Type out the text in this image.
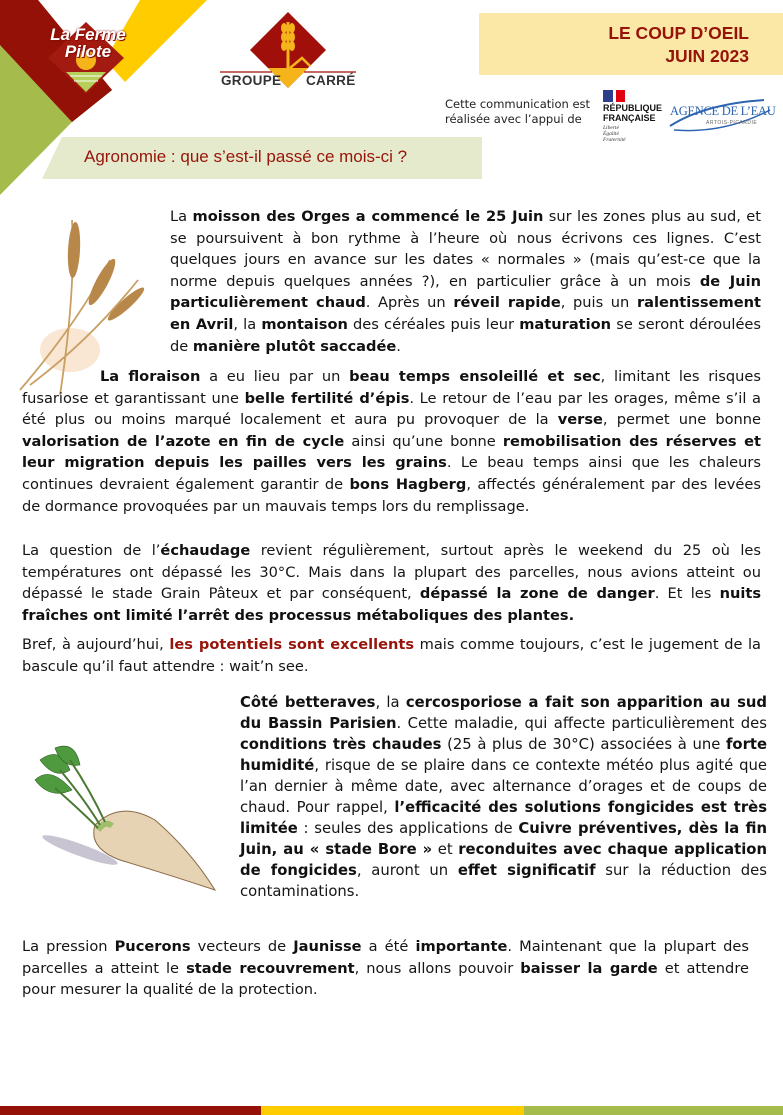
La Ferme
Pilote
GROUPE CARRÉ
LE COUP D’OEIL
JUIN 2023
Cette communication est réalisée avec l’appui de
RÉPUBLIQUE
FRANÇAISE
Liberté
Égalité
Fraternité
AGENCE DE L’EAU
ARTOIS-PICARDIE
Agronomie : que s’est-il passé ce mois-ci ?

La moisson des Orges a commencé le 25 Juin sur les zones plus au sud, et se poursuivent à bon rythme à l’heure où nous écrivons ces lignes. C’est quelques jours en avance sur les dates « normales » (mais qu’est-ce que la norme depuis quelques années ?), en particulier grâce à un mois de Juin particulièrement chaud. Après un réveil rapide, puis un ralentissement en Avril, la montaison des céréales puis leur maturation se seront déroulées de manière plutôt saccadée.

La floraison a eu lieu par un beau temps ensoleillé et sec, limitant les risques fusariose et garantissant une belle fertilité d’épis. Le retour de l’eau par les orages, même s’il a été plus ou moins marqué localement et aura pu provoquer de la verse, permet une bonne valorisation de l’azote en fin de cycle ainsi qu’une bonne remobilisation des réserves et leur migration depuis les pailles vers les grains. Le beau temps ainsi que les chaleurs continues devraient également garantir de bons Hagberg, affectés généralement par des levées de dormance provoquées par un mauvais temps lors du remplissage.

La question de l’échaudage revient régulièrement, surtout après le weekend du 25 où les températures ont dépassé les 30°C. Mais dans la plupart des parcelles, nous avions atteint ou dépassé le stade Grain Pâteux et par conséquent, dépassé la zone de danger. Et les nuits fraîches ont limité l’arrêt des processus métaboliques des plantes.

Bref, à aujourd’hui, les potentiels sont excellents mais comme toujours, c’est le jugement de la bascule qu’il faut attendre : wait’n see.

Côté betteraves, la cercosporiose a fait son apparition au sud du Bassin Parisien. Cette maladie, qui affecte particulièrement des conditions très chaudes (25 à plus de 30°C) associées à une forte humidité, risque de se plaire dans ce contexte météo plus agité que l’an dernier à même date, avec alternance d’orages et de coups de chaud. Pour rappel, l’efficacité des solutions fongicides est très limitée : seules des applications de Cuivre préventives, dès la fin Juin, au « stade Bore » et reconduites avec chaque application de fongicides, auront un effet significatif sur la réduction des contaminations.

La pression Pucerons vecteurs de Jaunisse a été importante. Maintenant que la plupart des parcelles a atteint le stade recouvrement, nous allons pouvoir baisser la garde et attendre pour mesurer la qualité de la protection.
